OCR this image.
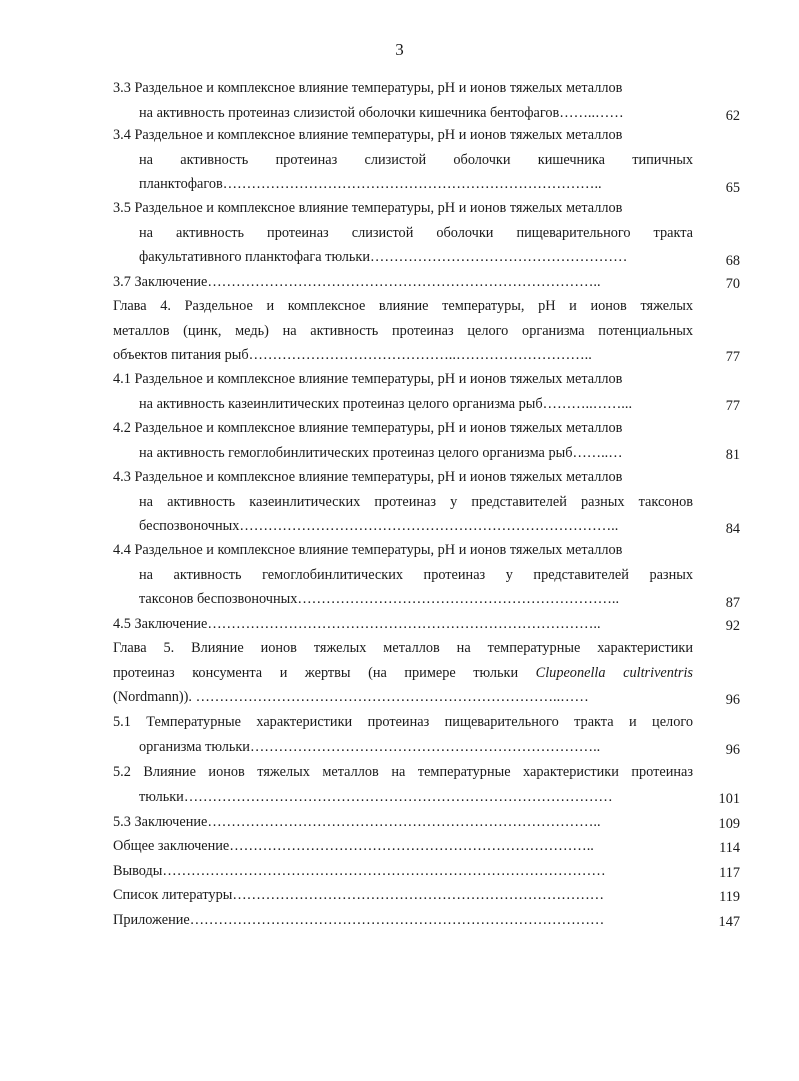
3
3.3 Раздельное и комплексное влияние температуры, pH и ионов тяжелых металлов
на активность протеиназ слизистой оболочки кишечника бентофагов……..……	62
3.4 Раздельное и комплексное влияние температуры, pH и ионов тяжелых металлов
на активность протеиназ слизистой оболочки кишечника типичных
планктофагов……………………………………………………………………..	65
3.5 Раздельное и комплексное влияние температуры, pH и ионов тяжелых металлов
на активность протеиназ слизистой оболочки пищеварительного тракта
факультативного планктофага тюльки………………………………………………	68
3.7 Заключение………………………………………………………………………..	70
Глава 4. Раздельное и комплексное влияние температуры, pH и ионов тяжелых
металлов (цинк, медь) на активность протеиназ целого организма потенциальных
объектов питания рыб……………………………………..………………………..	77
4.1 Раздельное и комплексное влияние температуры, pH и ионов тяжелых металлов
на активность казеинлитических протеиназ целого организма рыб………..……...	77
4.2 Раздельное и комплексное влияние температуры, pH и ионов тяжелых металлов
на активность гемоглобинлитических протеиназ целого организма рыб……..…	81
4.3 Раздельное и комплексное влияние температуры, pH и ионов тяжелых металлов
на активность казеинлитических протеиназ у представителей разных таксонов
беспозвоночных……………………………………………………………………..	84
4.4 Раздельное и комплексное влияние температуры, pH и ионов тяжелых металлов
на активность гемоглобинлитических протеиназ у представителей разных
таксонов беспозвоночных…………………………………………………………..	87
4.5 Заключение………………………………………………………………………..	92
Глава 5. Влияние ионов тяжелых металлов на температурные характеристики
протеиназ консумента и жертвы (на примере тюльки Clupeonella cultriventris
(Nordmann)). …………………………………………………………………..……	96
5.1 Температурные характеристики протеиназ пищеварительного тракта и целого
организма тюльки………………………………………………………………..	96
5.2 Влияние ионов тяжелых металлов на температурные характеристики протеиназ
тюльки………………………………………………………………………………	101
5.3 Заключение………………………………………………………………………..	109
Общее заключение…………………………………………………………………..	114
Выводы…………………………………………………………………………………	117
Список литературы……………………………………………………………………	119
Приложение……………………………………………………………………………	147
